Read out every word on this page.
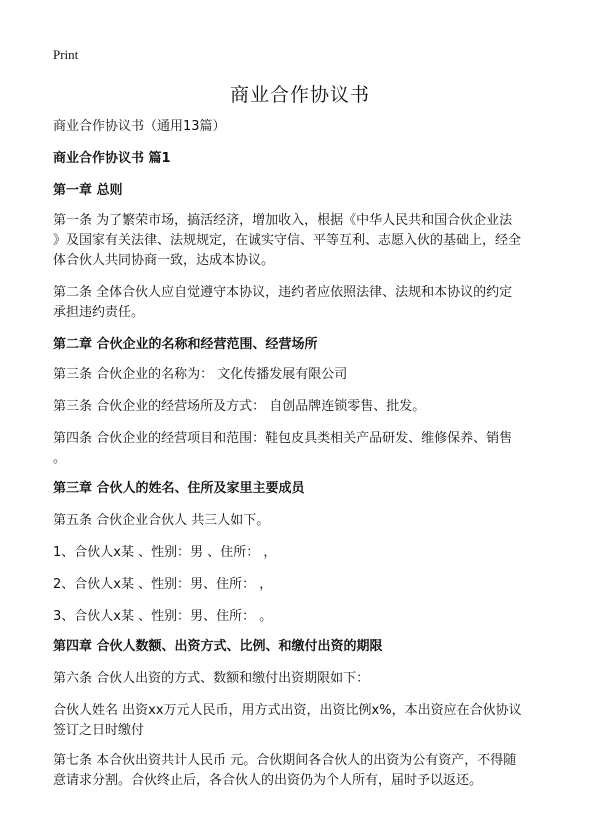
Print
商业合作协议书

商业合作协议书（通用13篇）

商业合作协议书 篇1

第一章 总则

第一条 为了繁荣市场，搞活经济，增加收入，根据《中华人民共和国合伙企业法

》及国家有关法律、法规规定，在诚实守信、平等互利、志愿入伙的基础上，经全

体合伙人共同协商一致，达成本协议。

第二条 全体合伙人应自觉遵守本协议，违约者应依照法律、法规和本协议的约定

承担违约责任。

第二章 合伙企业的名称和经营范围、经营场所

第三条 合伙企业的名称为： 文化传播发展有限公司

第三条 合伙企业的经营场所及方式： 自创品牌连锁零售、批发。

第四条 合伙企业的经营项目和范围：鞋包皮具类相关产品研发、维修保养、销售

。

第三章 合伙人的姓名、住所及家里主要成员

第五条 合伙企业合伙人 共三人如下。

1、合伙人x某 、性别：男 、住所： ，

2、合伙人x某 、性别：男、住所： ，

3、合伙人x某 、性别：男、住所： 。

第四章 合伙人数额、出资方式、比例、和缴付出资的期限

第六条 合伙人出资的方式、数额和缴付出资期限如下：

合伙人姓名 出资xx万元人民币，用方式出资，出资比例x%，本出资应在合伙协议

签订之日时缴付

第七条 本合伙出资共计人民币 元。合伙期间各合伙人的出资为公有资产，不得随

意请求分割。合伙终止后，各合伙人的出资仍为个人所有，届时予以返还。
